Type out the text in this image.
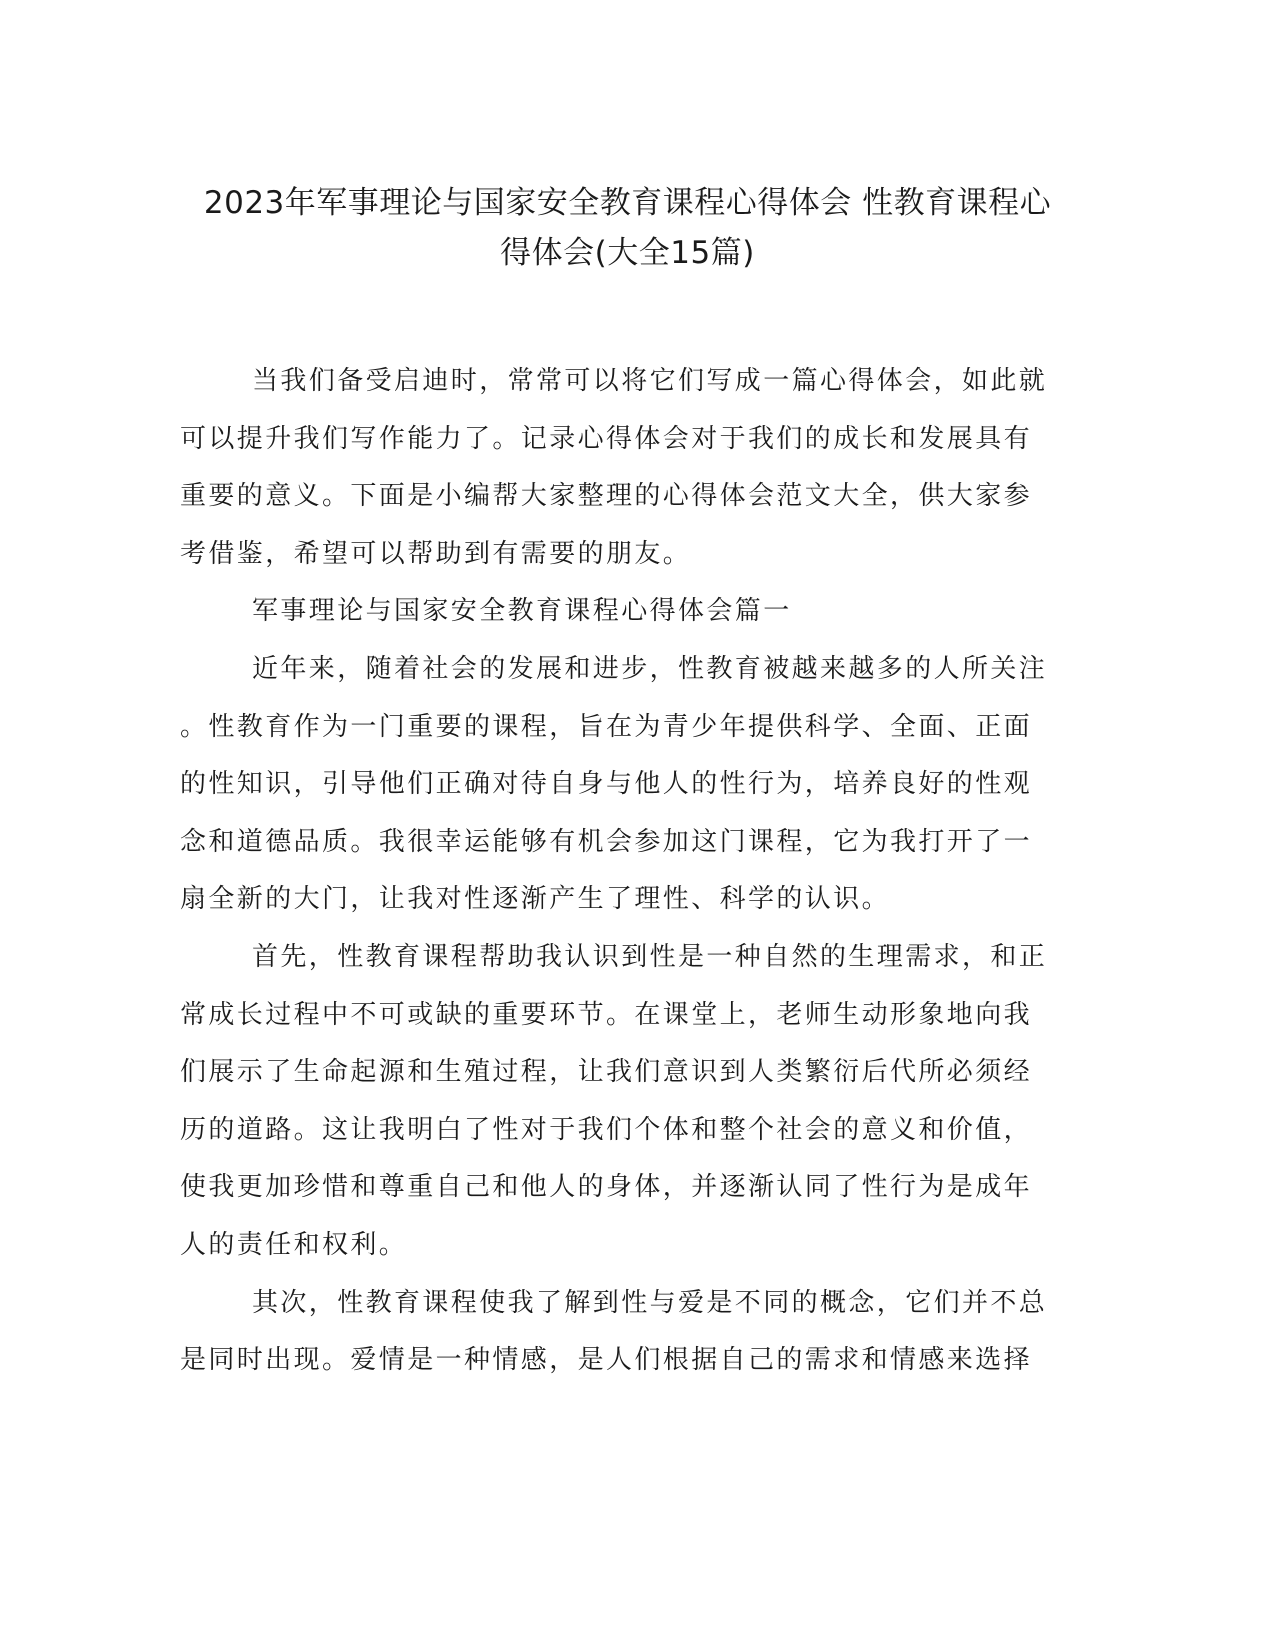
2023年军事理论与国家安全教育课程心得体会 性教育课程心
得体会(大全15篇)
当我们备受启迪时，常常可以将它们写成一篇心得体会，如此就
可以提升我们写作能力了。记录心得体会对于我们的成长和发展具有
重要的意义。下面是小编帮大家整理的心得体会范文大全，供大家参
考借鉴，希望可以帮助到有需要的朋友。
军事理论与国家安全教育课程心得体会篇一
近年来，随着社会的发展和进步，性教育被越来越多的人所关注
。性教育作为一门重要的课程，旨在为青少年提供科学、全面、正面
的性知识，引导他们正确对待自身与他人的性行为，培养良好的性观
念和道德品质。我很幸运能够有机会参加这门课程，它为我打开了一
扇全新的大门，让我对性逐渐产生了理性、科学的认识。
首先，性教育课程帮助我认识到性是一种自然的生理需求，和正
常成长过程中不可或缺的重要环节。在课堂上，老师生动形象地向我
们展示了生命起源和生殖过程，让我们意识到人类繁衍后代所必须经
历的道路。这让我明白了性对于我们个体和整个社会的意义和价值，
使我更加珍惜和尊重自己和他人的身体，并逐渐认同了性行为是成年
人的责任和权利。
其次，性教育课程使我了解到性与爱是不同的概念，它们并不总
是同时出现。爱情是一种情感，是人们根据自己的需求和情感来选择
